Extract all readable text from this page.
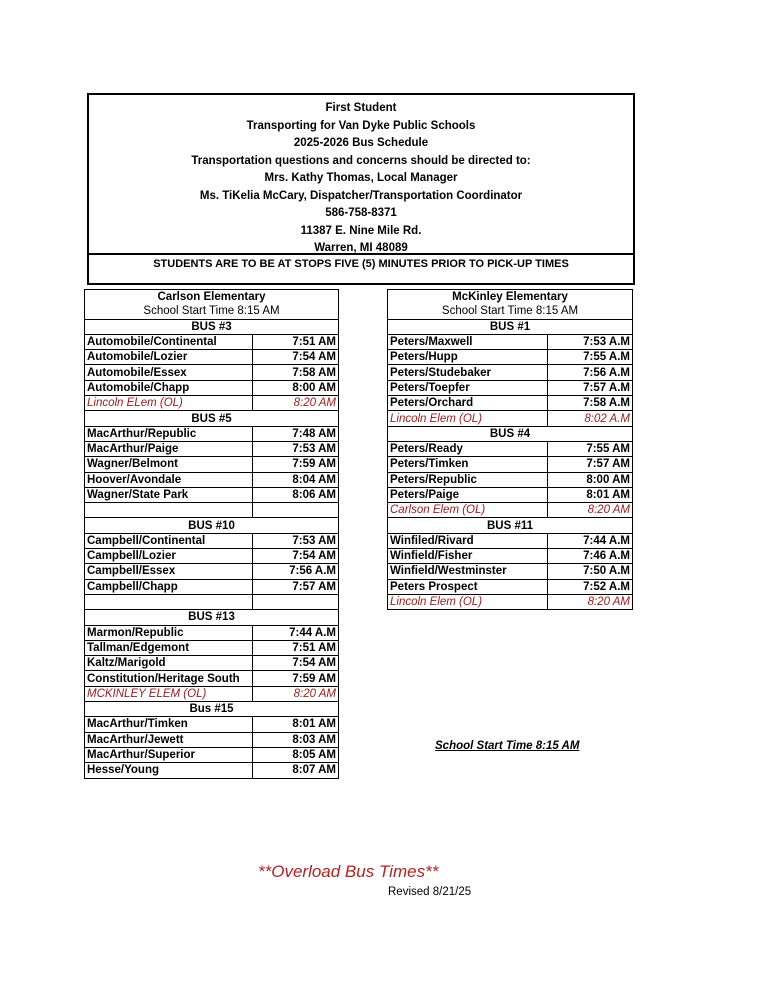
First Student
Transporting for Van Dyke Public Schools
2025-2026 Bus Schedule
Transportation questions and concerns should be directed to:
Mrs. Kathy Thomas, Local Manager
Ms. TiKelia McCary, Dispatcher/Transportation Coordinator
586-758-8371
11387 E. Nine Mile Rd.
Warren, MI 48089
STUDENTS ARE TO BE AT STOPS FIVE (5) MINUTES PRIOR TO PICK-UP TIMES
Carlson Elementary	
School Start Time 8:15 AM	
BUS #3	
Automobile/Continental	7:51 AM
Automobile/Lozier	7:54 AM
Automobile/Essex	7:58 AM
Automobile/Chapp	8:00 AM
Lincoln ELem (OL)	8:20 AM
BUS #5	
MacArthur/Republic	7:48 AM
MacArthur/Paige	7:53 AM
Wagner/Belmont	7:59 AM
Hoover/Avondale	8:04 AM
Wagner/State Park	8:06 AM

BUS #10	
Campbell/Continental	7:53 AM
Campbell/Lozier	7:54 AM
Campbell/Essex	7:56 A.M
Campbell/Chapp	7:57 AM

BUS #13	
Marmon/Republic	7:44 A.M
Tallman/Edgemont	7:51 AM
Kaltz/Marigold	7:54 AM
Constitution/Heritage South	7:59 AM
MCKINLEY ELEM (OL)	8:20 AM
Bus #15	
MacArthur/Timken	8:01 AM
MacArthur/Jewett	8:03 AM
MacArthur/Superior	8:05 AM
Hesse/Young	8:07 AM
McKinley Elementary	
School Start Time 8:15 AM	
BUS #1	
Peters/Maxwell	7:53 A.M
Peters/Hupp	7:55 A.M
Peters/Studebaker	7:56 A.M
Peters/Toepfer	7:57 A.M
Peters/Orchard	7:58 A.M
Lincoln Elem (OL)	8:02 A.M
BUS #4	
Peters/Ready	7:55 AM
Peters/Timken	7:57 AM
Peters/Republic	8:00 AM
Peters/Paige	8:01 AM
Carlson Elem (OL)	8:20 AM
BUS #11	
Winfiled/Rivard	7:44 A.M
Winfield/Fisher	7:46 A.M
Winfield/Westminster	7:50 A.M
Peters Prospect	7:52 A.M
Lincoln Elem (OL)	8:20 AM
School Start Time 8:15 AM
**Overload Bus Times**
Revised 8/21/25
